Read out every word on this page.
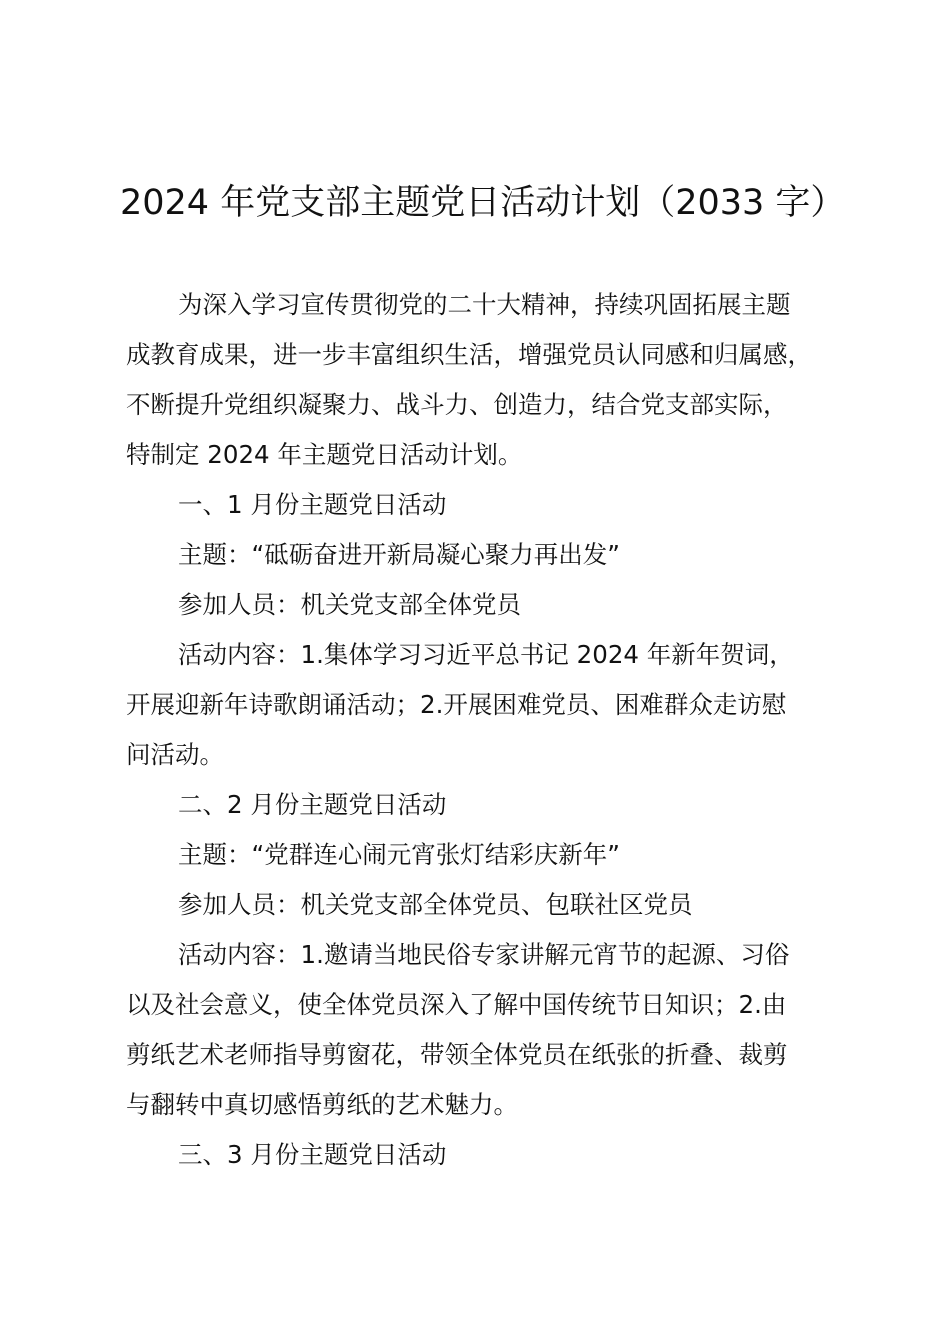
2024 年党支部主题党日活动计划（2033 字）

为深入学习宣传贯彻党的二十大精神，持续巩固拓展主题

成教育成果，进一步丰富组织生活，增强党员认同感和归属感，

不断提升党组织凝聚力、战斗力、创造力，结合党支部实际，

特制定 2024 年主题党日活动计划。

一、1 月份主题党日活动

主题：“砥砺奋进开新局凝心聚力再出发”

参加人员：机关党支部全体党员

活动内容：1.集体学习习近平总书记 2024 年新年贺词，

开展迎新年诗歌朗诵活动；2.开展困难党员、困难群众走访慰

问活动。

二、2 月份主题党日活动

主题：“党群连心闹元宵张灯结彩庆新年”

参加人员：机关党支部全体党员、包联社区党员

活动内容：1.邀请当地民俗专家讲解元宵节的起源、习俗

以及社会意义，使全体党员深入了解中国传统节日知识；2.由

剪纸艺术老师指导剪窗花，带领全体党员在纸张的折叠、裁剪

与翻转中真切感悟剪纸的艺术魅力。

三、3 月份主题党日活动
